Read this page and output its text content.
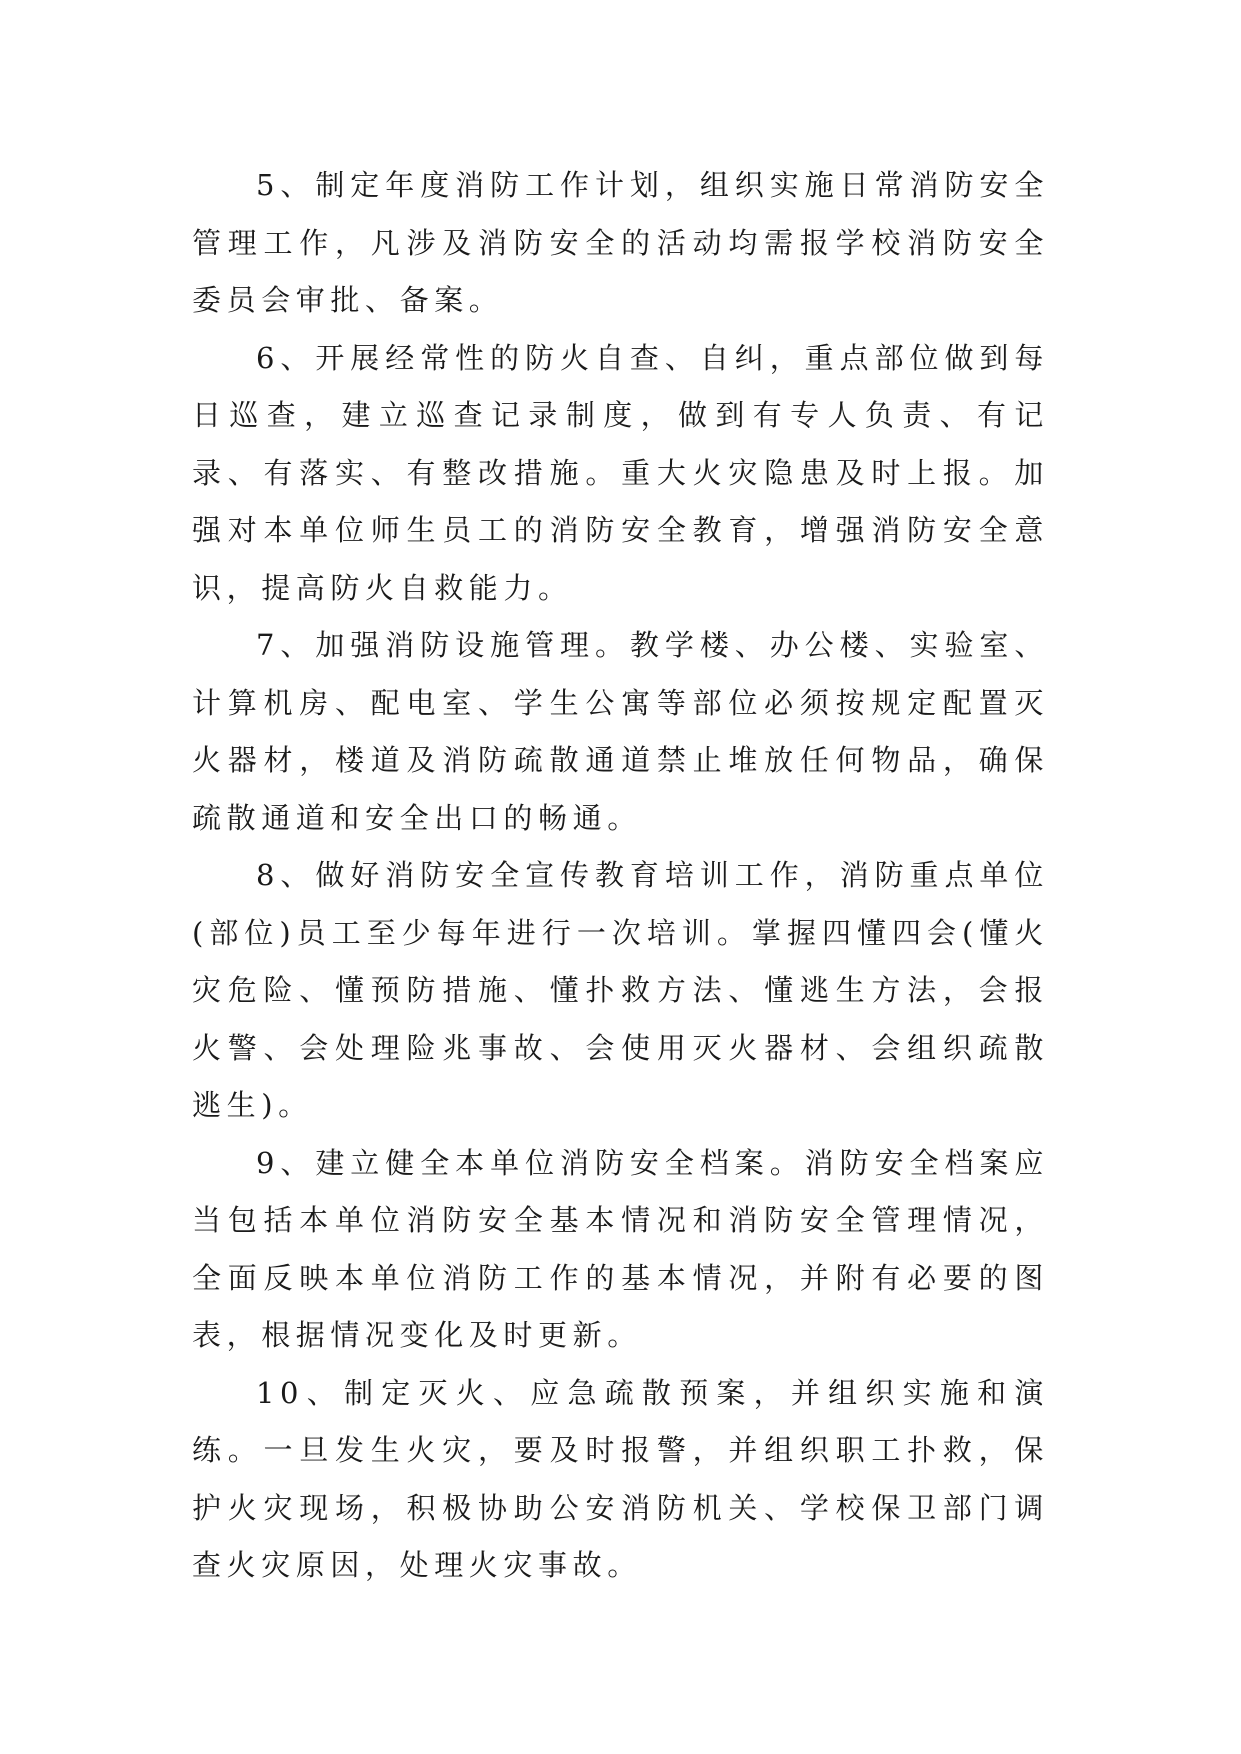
5、制定年度消防工作计划，组织实施日常消防安全管理工作，凡涉及消防安全的活动均需报学校消防安全委员会审批、备案。

6、开展经常性的防火自查、自纠，重点部位做到每日巡查，建立巡查记录制度，做到有专人负责、有记录、有落实、有整改措施。重大火灾隐患及时上报。加强对本单位师生员工的消防安全教育，增强消防安全意识，提高防火自救能力。

7、加强消防设施管理。教学楼、办公楼、实验室、计算机房、配电室、学生公寓等部位必须按规定配置灭火器材，楼道及消防疏散通道禁止堆放任何物品，确保疏散通道和安全出口的畅通。

8、做好消防安全宣传教育培训工作，消防重点单位(部位)员工至少每年进行一次培训。掌握四懂四会(懂火灾危险、懂预防措施、懂扑救方法、懂逃生方法，会报火警、会处理险兆事故、会使用灭火器材、会组织疏散逃生)。

9、建立健全本单位消防安全档案。消防安全档案应当包括本单位消防安全基本情况和消防安全管理情况，全面反映本单位消防工作的基本情况，并附有必要的图表，根据情况变化及时更新。

10、制定灭火、应急疏散预案，并组织实施和演练。一旦发生火灾，要及时报警，并组织职工扑救，保护火灾现场，积极协助公安消防机关、学校保卫部门调查火灾原因，处理火灾事故。
